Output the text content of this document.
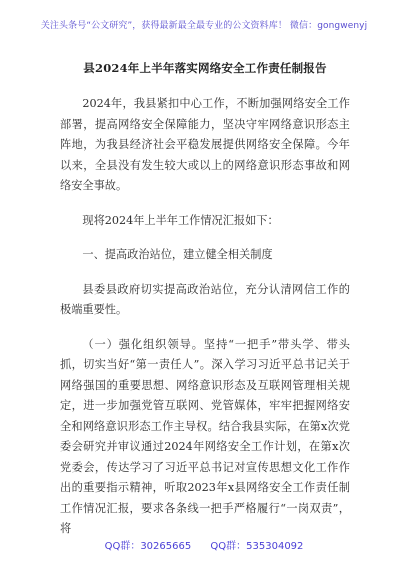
关注头条号“公文研究”，获得最新最全最专业的公文资料库！ 微信：gongwenyj
县2024年上半年落实网络安全工作责任制报告

2024年，我县紧扣中心工作，不断加强网络安全工作部署，提高网络安全保障能力，坚决守牢网络意识形态主阵地，为我县经济社会平稳发展提供网络安全保障。今年以来，全县没有发生较大或以上的网络意识形态事故和网络安全事故。

现将2024年上半年工作情况汇报如下：

一、提高政治站位，建立健全相关制度

县委县政府切实提高政治站位，充分认清网信工作的极端重要性。

（一）强化组织领导。坚持“一把手”带头学、带头抓，切实当好“第一责任人”。深入学习习近平总书记关于网络强国的重要思想、网络意识形态及互联网管理相关规定，进一步加强党管互联网、党管媒体，牢牢把握网络安全和网络意识形态工作主导权。结合我县实际，在第x次党委会研究并审议通过2024年网络安全工作计划，在第x次党委会，传达学习了习近平总书记对宣传思想文化工作作出的重要指示精神，听取2023年x县网络安全工作责任制工作情况汇报，要求各条线一把手严格履行“一岗双责”，将

QQ群：30265665 QQ群：535304092
